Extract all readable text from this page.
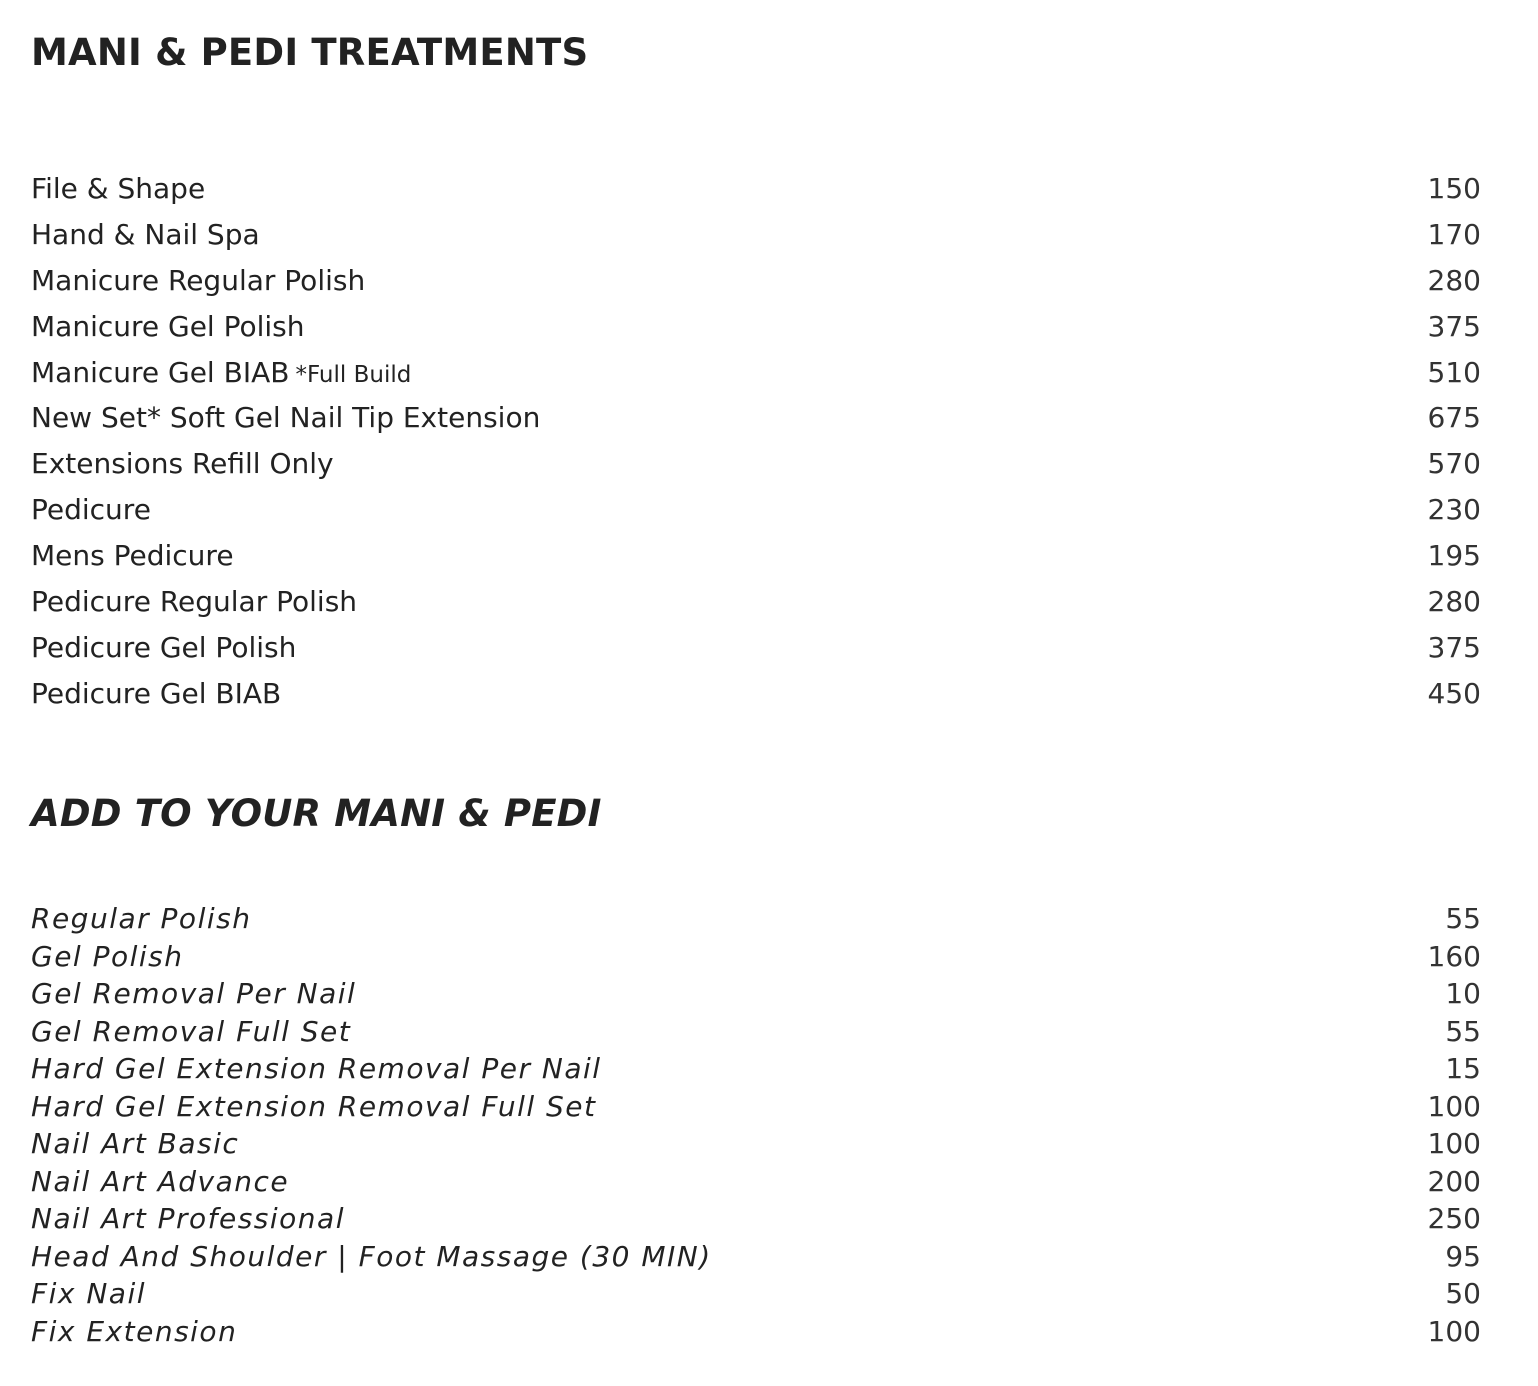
MANI & PEDI TREATMENTS
File & Shape	150
Hand & Nail Spa	170
Manicure Regular Polish	280
Manicure Gel Polish	375
Manicure Gel BIAB *Full Build	510
New Set* Soft Gel Nail Tip Extension	675
Extensions Refill Only	570
Pedicure	230
Mens Pedicure	195
Pedicure Regular Polish	280
Pedicure Gel Polish	375
Pedicure Gel BIAB	450
ADD TO YOUR MANI & PEDI
Regular Polish	55
Gel Polish	160
Gel Removal Per Nail	10
Gel Removal Full Set	55
Hard Gel Extension Removal Per Nail	15
Hard Gel Extension Removal Full Set	100
Nail Art Basic	100
Nail Art Advance	200
Nail Art Professional	250
Head And Shoulder | Foot Massage (30 MIN)	95
Fix Nail	50
Fix Extension	100
